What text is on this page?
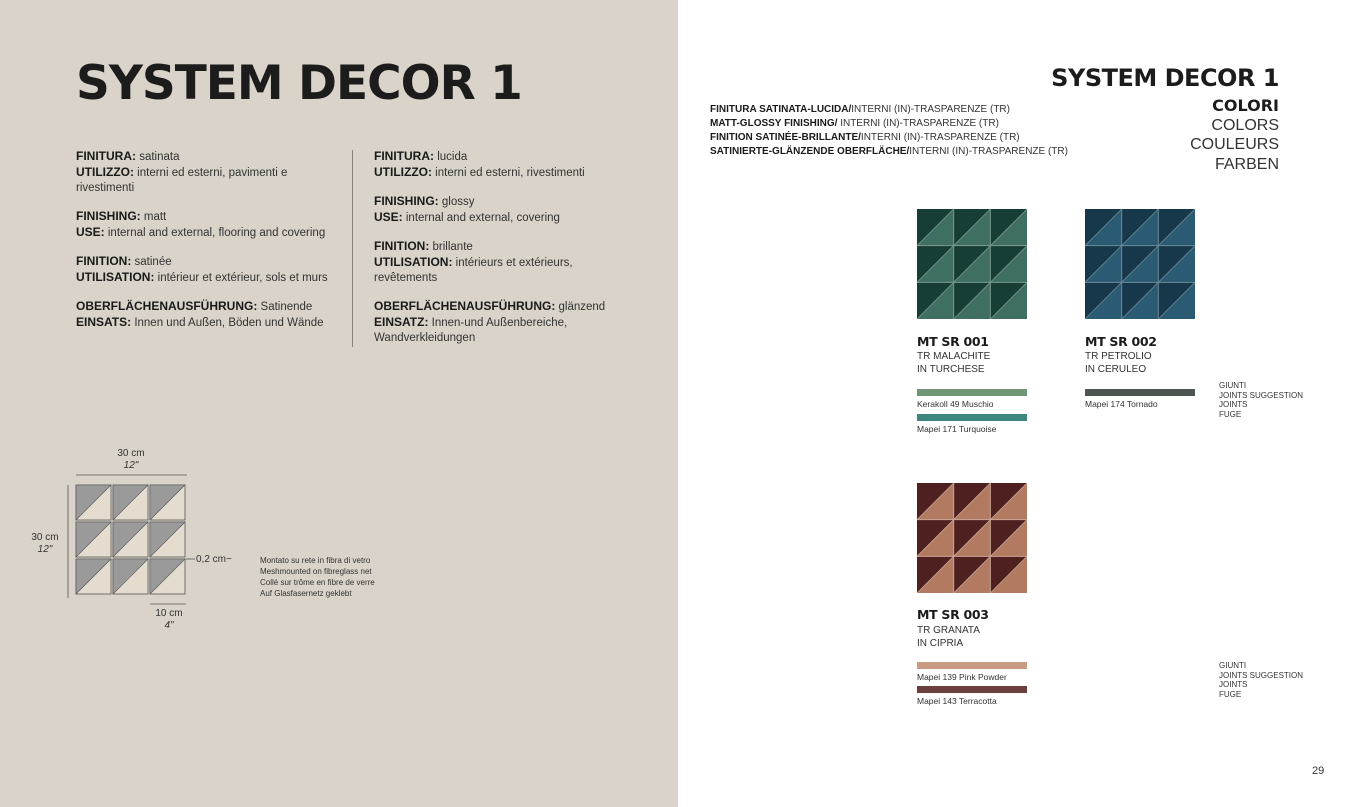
SYSTEM DECOR 1
FINITURA: satinata
UTILIZZO: interni ed esterni, pavimenti e rivestimenti
FINISHING: matt
USE: internal and external, flooring and covering
FINITION: satinée
UTILISATION: intérieur et extérieur, sols et murs
OBERFLÄCHENAUSFÜHRUNG: Satinende
EINSATS: Innen und Außen, Böden und Wände
FINITURA: lucida
UTILIZZO: interni ed esterni, rivestimenti
FINISHING: glossy
USE: internal and external, covering
FINITION: brillante
UTILISATION: intérieurs et extérieurs, revêtements
OBERFLÄCHENAUSFÜHRUNG: glänzend
EINSATZ: Innen-und Außenbereiche, Wandverkleidungen
30 cm
12"
30 cm
12"
0,2 cm~
10 cm
4"
Montato su rete in fibra di vetro
Meshmounted on fibreglass net
Collé sur trôme en fibre de verre
Auf Glasfasernetz geklebt
SYSTEM DECOR 1
COLORI
COLORS
COULEURS
FARBEN
FINITURA SATINATA-LUCIDA/INTERNI (IN)-TRASPARENZE (TR)
MATT-GLOSSY FINISHING/ INTERNI (IN)-TRASPARENZE (TR)
FINITION SATINÉE-BRILLANTE/INTERNI (IN)-TRASPARENZE (TR)
SATINIERTE-GLÄNZENDE OBERFLÄCHE/INTERNI (IN)-TRASPARENZE (TR)
MT SR 001
TR MALACHITE
IN TURCHESE
Kerakoll 49 Muschio
Mapei 171 Turquoise
MT SR 002
TR PETROLIO
IN CERULEO
Mapei 174 Tornado
GIUNTI
JOINTS SUGGESTION
JOINTS
FUGE
MT SR 003
TR GRANATA
IN CIPRIA
Mapei 139 Pink Powder
Mapei 143 Terracotta
GIUNTI
JOINTS SUGGESTION
JOINTS
FUGE
29
